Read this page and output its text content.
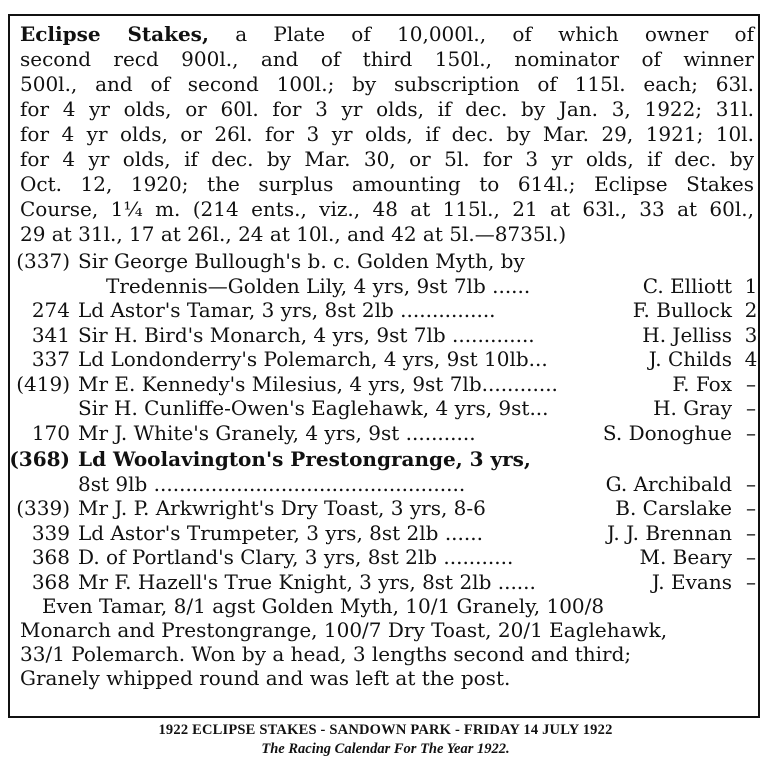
Eclipse Stakes, a Plate of 10,000l., of which owner of
second recd 900l., and of third 150l., nominator of winner
500l., and of second 100l.; by subscription of 115l. each; 63l.
for 4 yr olds, or 60l. for 3 yr olds, if dec. by Jan. 3, 1922; 31l.
for 4 yr olds, or 26l. for 3 yr olds, if dec. by Mar. 29, 1921; 10l.
for 4 yr olds, if dec. by Mar. 30, or 5l. for 3 yr olds, if dec. by
Oct. 12, 1920; the surplus amounting to 614l.; Eclipse Stakes
Course, 1¼ m. (214 ents., viz., 48 at 115l., 21 at 63l., 33 at 60l.,
29 at 31l., 17 at 26l., 24 at 10l., and 42 at 5l.—8735l.)
(337) Sir George Bullough's b. c. Golden Myth, by
Tredennis—Golden Lily, 4 yrs, 9st 7lb ......	C. Elliott 1
274 Ld Astor's Tamar, 3 yrs, 8st 2lb ...............	F. Bullock 2
341 Sir H. Bird's Monarch, 4 yrs, 9st 7lb .............	H. Jelliss 3
337 Ld Londonderry's Polemarch, 4 yrs, 9st 10lb...	J. Childs 4
(419) Mr E. Kennedy's Milesius, 4 yrs, 9st 7lb............	F. Fox –
Sir H. Cunliffe-Owen's Eaglehawk, 4 yrs, 9st...	H. Gray –
170 Mr J. White's Granely, 4 yrs, 9st ...........	S. Donoghue –
(368) Ld Woolavington's Prestongrange, 3 yrs,
8st 9lb .................................................	G. Archibald –
(339) Mr J. P. Arkwright's Dry Toast, 3 yrs, 8-6	B. Carslake –
339 Ld Astor's Trumpeter, 3 yrs, 8st 2lb ......	J. J. Brennan –
368 D. of Portland's Clary, 3 yrs, 8st 2lb ...........	M. Beary –
368 Mr F. Hazell's True Knight, 3 yrs, 8st 2lb ......	J. Evans –
Even Tamar, 8/1 agst Golden Myth, 10/1 Granely, 100/8
Monarch and Prestongrange, 100/7 Dry Toast, 20/1 Eaglehawk,
33/1 Polemarch. Won by a head, 3 lengths second and third;
Granely whipped round and was left at the post.
1922 ECLIPSE STAKES - SANDOWN PARK - FRIDAY 14 JULY 1922
The Racing Calendar For The Year 1922.
